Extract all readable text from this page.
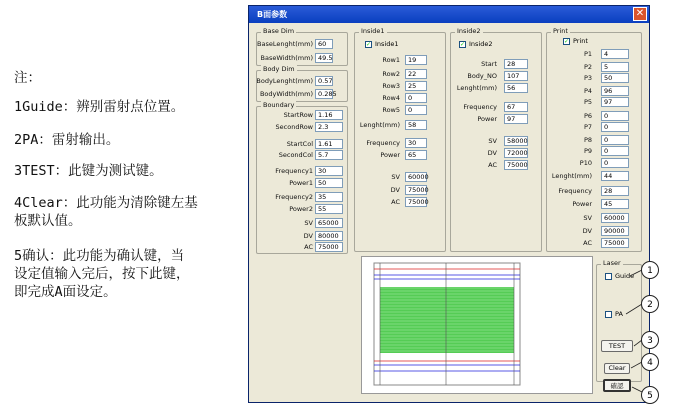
注：
1Guide：辨别雷射点位置。
2PA：雷射输出。
3TEST：此键为测试键。
4Clear：此功能为清除键左基
板默认值。
5确认：此功能为确认键，当
设定值输入完后，按下此键，
即完成A面设定。
B面参数	✕
Base Dim
Body Dim
Boundary
Inside1	Inside2	Print
Laser
✓ Inside1	✓ Inside2	✓ Print
BaseLenght(mm) 60
BaseWidth(mm) 49.5
BodyLenght(mm) 0.57
BodyWidth(mm) 0.285
StartRow 1.16
SecondRow 2.3
StartCol 1.61
SecondCol 5.7
Frequency1 30
Power1 50
Frequency2 35
Power2 55
SV 65000
DV 80000
AC 75000
Row1	19
Row2	22
Row3	25
Row4	0
Row5	0
Lenght(mm)	58
Frequency	30
Power	65
SV	60000
DV	75000
AC	75000
Start	28
Body_NO	107
Lenght(mm)	56
Frequency	67
Power	97
SV	58000
DV	72000
AC	75000
P1	4
P2	5
P3	50
P4	96
P5	97
P6	0
P7	0
P8	0
P9	0
P10	0
Lenght(mm)	44
Frequency	28
Power	45
SV	60000
DV	90000
AC	75000
Guide
PA
TEST
Clear
確認
1
2
3
4
5
